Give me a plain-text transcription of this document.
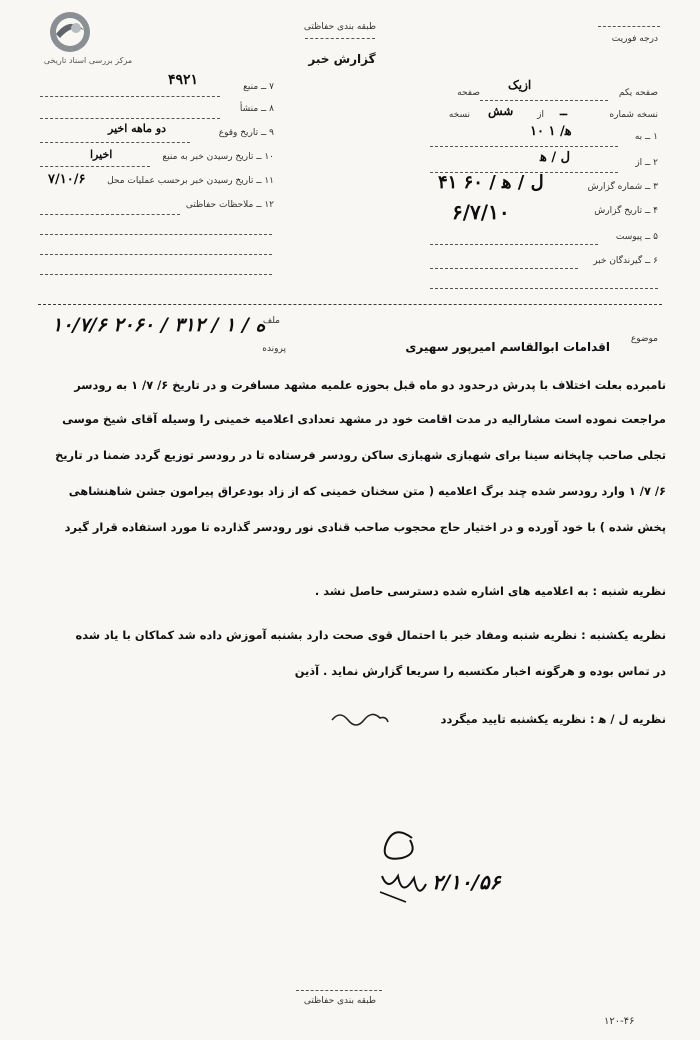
مرکز بررسی اسناد تاریخی
طبقه بندی حفاظتی
گزارش خبر
درجه فوریت
۷ ــ منبع
۴۹۲۱
۸ ــ منشأ
۹ ــ تاریخ وقوع
دو ماهه اخیر
۱۰ ــ تاریخ رسیدن خبر به منبع
اخیرا
۱۱ ــ تاریخ رسیدن خبر برحسب عملیات محل
۷/۱۰/۶
۱۲ ــ ملاحظات حفاظتی
صفحه یکم
ازیک
صفحه
نسخه شماره
ــ
از
شش
نسخه
۱ ــ به
۱۰ ه‍/ ۱
۲ ــ از
ل / ه‍
۳ ــ شماره گزارش
۴۱ ۶۰ / ل / ه‍
۴ ــ تاریخ گزارش
۶/۷/۱۰
۵ ــ پیوست
۶ ــ گیرندگان خبر
۱۰/۷/۶ ۲۰۶۰ / ۳۱۲ / ۱ / ه
ملف
پرونده
موضوع
اقدامات ابوالقاسم امیرپور سهیری
نامبرده بعلت اختلاف با پدرش درحدود دو ماه قبل بحوزه علمیه مشهد مسافرت و در تاریخ ۶/ ۷/ ۱ به رودسر
مراجعت نموده است مشارالیه در مدت اقامت خود در مشهد تعدادی اعلامیه خمینی را وسیله آقای شیخ موسی
تجلی صاحب چاپخانه سینا برای شهبازی شهبازی ساکن رودسر فرستاده تا در رودسر توزیع گردد ضمنا در تاریخ
۶/ ۷/ ۱ وارد رودسر شده چند برگ اعلامیه ( متن سخنان خمینی که از زاد بودعراق پیرامون جشن شاهنشاهی
پخش شده ) با خود آورده و در اختیار حاج محجوب صاحب قنادی نور رودسر گذارده تا مورد استفاده قرار گیرد
نظریه شنبه : به اعلامیه های اشاره شده دسترسی حاصل نشد .
نظریه یکشنبه : نظریه شنبه ومفاد خبر با احتمال قوی صحت دارد بشنبه آموزش داده شد کماکان با یاد شده
در تماس بوده و هرگونه اخبار مکتسبه را سریعا گزارش نماید . آذین
نظریه ل / ه‍ : نظریه یکشنبه تایید میگردد
۲/۱۰/۵۶
طبقه بندی حفاظتی
۱۲۰-۴۶
